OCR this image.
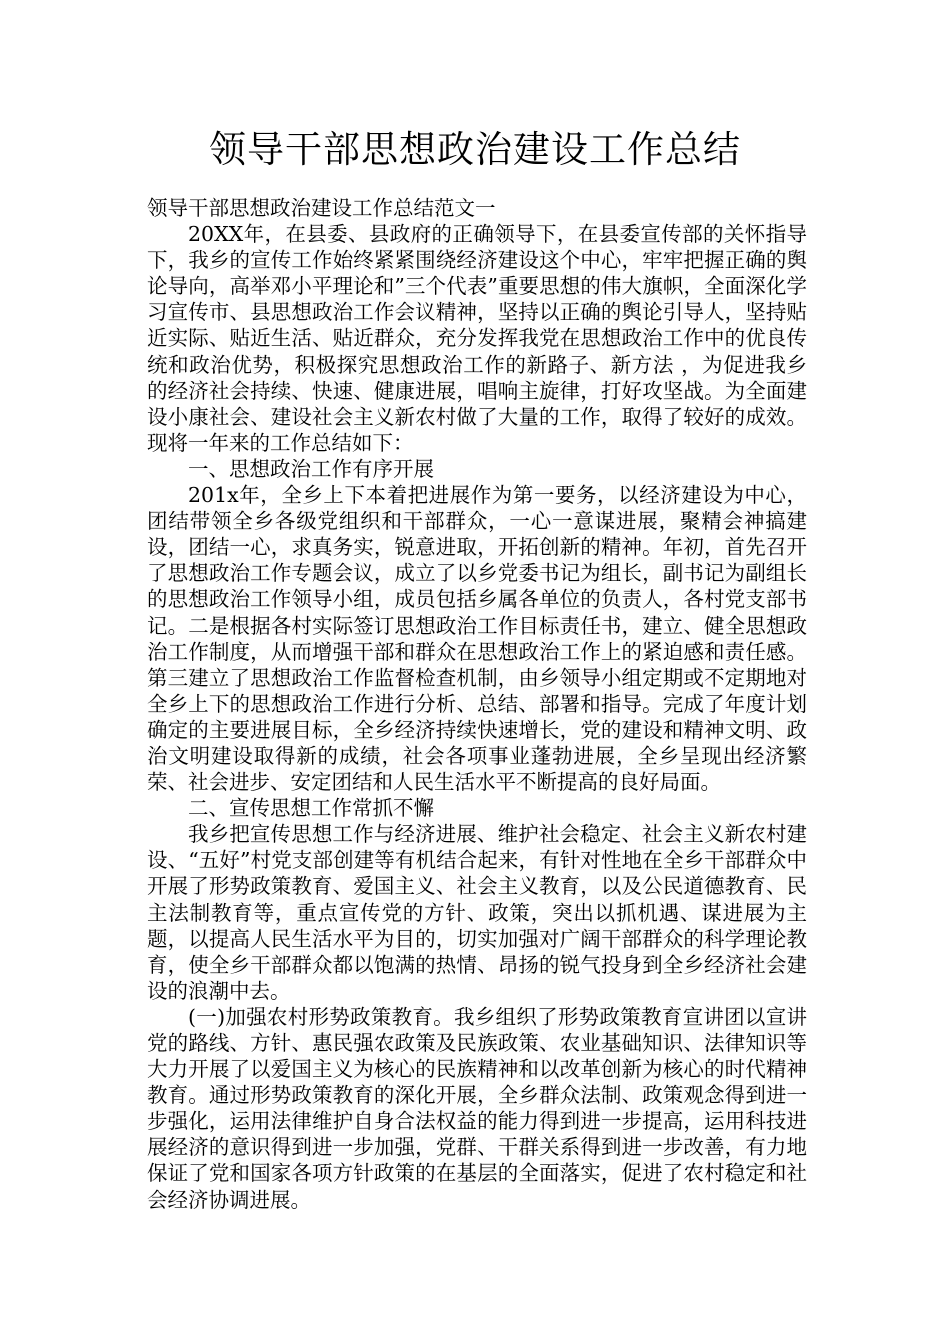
领导干部思想政治建设工作总结

领导干部思想政治建设工作总结范文一

20XX年，在县委、县政府的正确领导下，在县委宣传部的关怀指导下，我乡的宣传工作始终紧紧围绕经济建设这个中心，牢牢把握正确的舆论导向，高举邓小平理论和”三个代表”重要思想的伟大旗帜，全面深化学习宣传市、县思想政治工作会议精神，坚持以正确的舆论引导人，坚持贴近实际、贴近生活、贴近群众，充分发挥我党在思想政治工作中的优良传统和政治优势，积极探究思想政治工作的新路子、新方法 ，为促进我乡的经济社会持续、快速、健康进展，唱响主旋律，打好攻坚战。为全面建设小康社会、建设社会主义新农村做了大量的工作，取得了较好的成效。现将一年来的工作总结如下：

一、思想政治工作有序开展

201x年，全乡上下本着把进展作为第一要务，以经济建设为中心，团结带领全乡各级党组织和干部群众，一心一意谋进展，聚精会神搞建设，团结一心，求真务实，锐意进取，开拓创新的精神。年初，首先召开了思想政治工作专题会议，成立了以乡党委书记为组长，副书记为副组长的思想政治工作领导小组，成员包括乡属各单位的负责人，各村党支部书记。二是根据各村实际签订思想政治工作目标责任书，建立、健全思想政治工作制度，从而增强干部和群众在思想政治工作上的紧迫感和责任感。第三建立了思想政治工作监督检查机制，由乡领导小组定期或不定期地对全乡上下的思想政治工作进行分析、总结、部署和指导。完成了年度计划确定的主要进展目标，全乡经济持续快速增长，党的建设和精神文明、政治文明建设取得新的成绩，社会各项事业蓬勃进展，全乡呈现出经济繁荣、社会进步、安定团结和人民生活水平不断提高的良好局面。

二、宣传思想工作常抓不懈

我乡把宣传思想工作与经济进展、维护社会稳定、社会主义新农村建设、“五好”村党支部创建等有机结合起来，有针对性地在全乡干部群众中开展了形势政策教育、爱国主义、社会主义教育，以及公民道德教育、民主法制教育等，重点宣传党的方针、政策，突出以抓机遇、谋进展为主题，以提高人民生活水平为目的，切实加强对广阔干部群众的科学理论教育，使全乡干部群众都以饱满的热情、昂扬的锐气投身到全乡经济社会建设的浪潮中去。

(一)加强农村形势政策教育。我乡组织了形势政策教育宣讲团以宣讲党的路线、方针、惠民强农政策及民族政策、农业基础知识、法律知识等大力开展了以爱国主义为核心的民族精神和以改革创新为核心的时代精神教育。通过形势政策教育的深化开展，全乡群众法制、政策观念得到进一步强化，运用法律维护自身合法权益的能力得到进一步提高，运用科技进展经济的意识得到进一步加强，党群、干群关系得到进一步改善，有力地保证了党和国家各项方针政策的在基层的全面落实，促进了农村稳定和社会经济协调进展。
